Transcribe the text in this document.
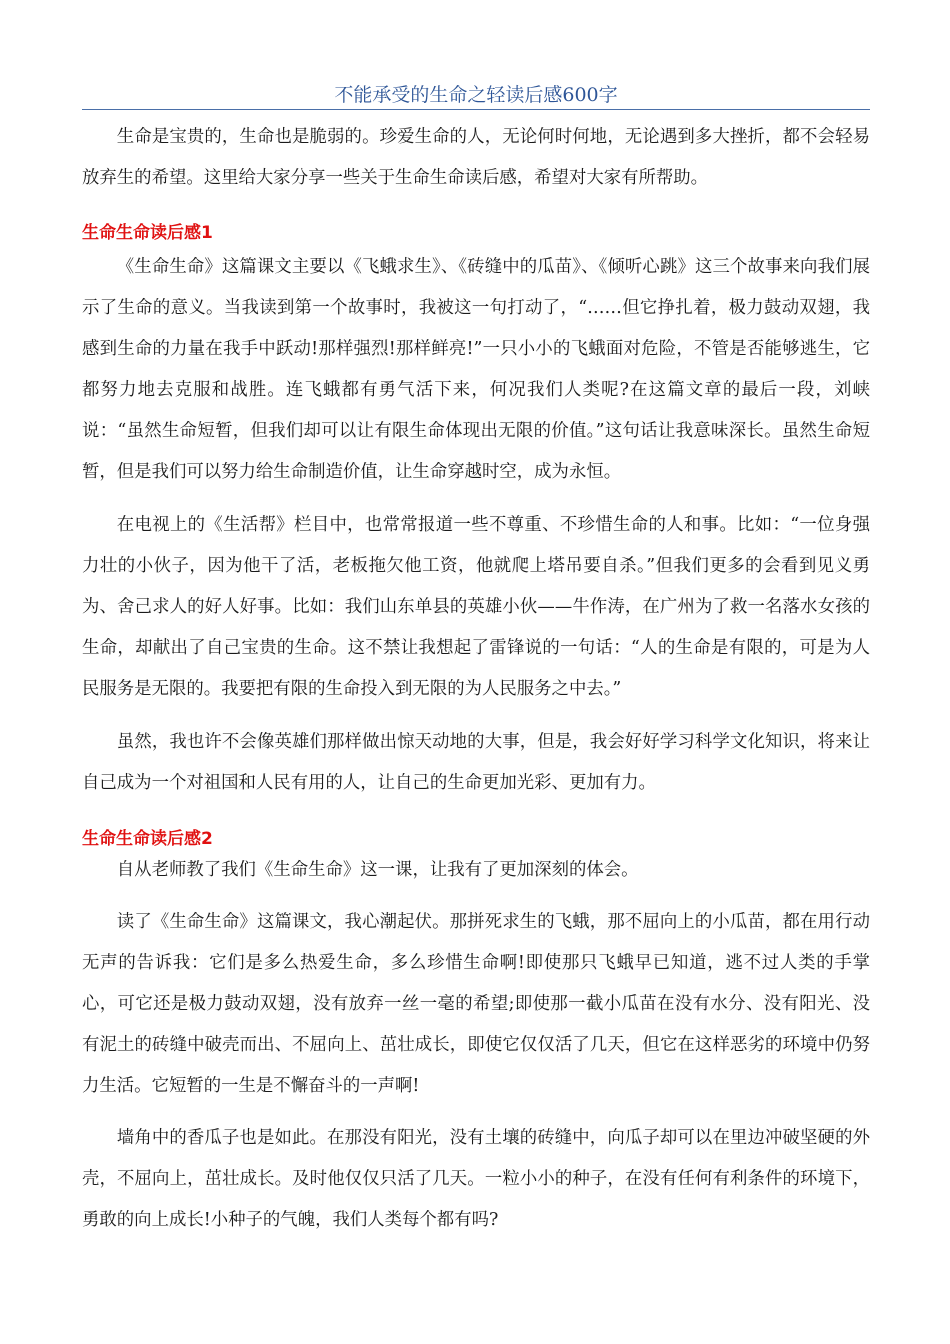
不能承受的生命之轻读后感600字

生命是宝贵的，生命也是脆弱的。珍爱生命的人，无论何时何地，无论遇到多大挫折，都不会轻易放弃生的希望。这里给大家分享一些关于生命生命读后感，希望对大家有所帮助。

生命生命读后感1

《生命生命》这篇课文主要以《飞蛾求生》、《砖缝中的瓜苗》、《倾听心跳》这三个故事来向我们展示了生命的意义。当我读到第一个故事时，我被这一句打动了，“……但它挣扎着，极力鼓动双翅，我感到生命的力量在我手中跃动!那样强烈!那样鲜亮!”一只小小的飞蛾面对危险，不管是否能够逃生，它都努力地去克服和战胜。连飞蛾都有勇气活下来，何况我们人类呢?在这篇文章的最后一段，刘峡说：“虽然生命短暂，但我们却可以让有限生命体现出无限的价值。”这句话让我意味深长。虽然生命短暂，但是我们可以努力给生命制造价值，让生命穿越时空，成为永恒。

在电视上的《生活帮》栏目中，也常常报道一些不尊重、不珍惜生命的人和事。比如：“一位身强力壮的小伙子，因为他干了活，老板拖欠他工资，他就爬上塔吊要自杀。”但我们更多的会看到见义勇为、舍己求人的好人好事。比如：我们山东单县的英雄小伙——牛作涛，在广州为了救一名落水女孩的生命，却献出了自己宝贵的生命。这不禁让我想起了雷锋说的一句话：“人的生命是有限的，可是为人民服务是无限的。我要把有限的生命投入到无限的为人民服务之中去。”

虽然，我也许不会像英雄们那样做出惊天动地的大事，但是，我会好好学习科学文化知识，将来让自己成为一个对祖国和人民有用的人，让自己的生命更加光彩、更加有力。

生命生命读后感2

自从老师教了我们《生命生命》这一课，让我有了更加深刻的体会。

读了《生命生命》这篇课文，我心潮起伏。那拼死求生的飞蛾，那不屈向上的小瓜苗，都在用行动无声的告诉我：它们是多么热爱生命，多么珍惜生命啊!即使那只飞蛾早已知道，逃不过人类的手掌心，可它还是极力鼓动双翅，没有放弃一丝一毫的希望;即使那一截小瓜苗在没有水分、没有阳光、没有泥土的砖缝中破壳而出、不屈向上、茁壮成长，即使它仅仅活了几天，但它在这样恶劣的环境中仍努力生活。它短暂的一生是不懈奋斗的一声啊!

墙角中的香瓜子也是如此。在那没有阳光，没有土壤的砖缝中，向瓜子却可以在里边冲破坚硬的外壳，不屈向上，茁壮成长。及时他仅仅只活了几天。一粒小小的种子，在没有任何有利条件的环境下，勇敢的向上成长!小种子的气魄，我们人类每个都有吗?
